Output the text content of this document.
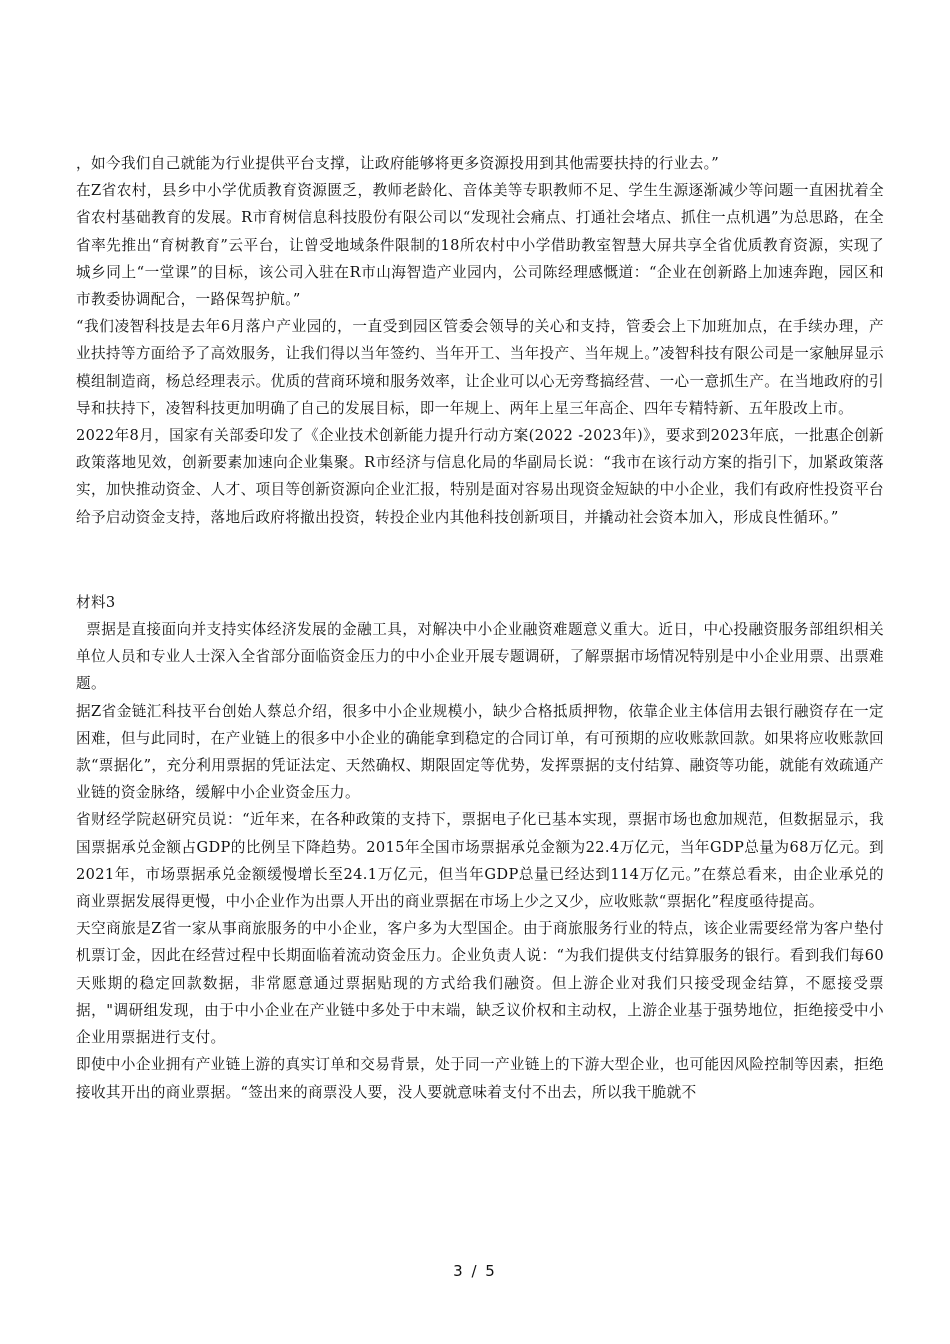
，如今我们自己就能为行业提供平台支撑，让政府能够将更多资源投用到其他需要扶持的行业去。”

在Z省农村，县乡中小学优质教育资源匮乏，教师老龄化、音体美等专职教师不足、学生生源逐渐减少等问题一直困扰着全省农村基础教育的发展。R市育树信息科技股份有限公司以“发现社会痛点、打通社会堵点、抓住一点机遇”为总思路，在全省率先推出“育树教育”云平台，让曾受地域条件限制的18所农村中小学借助教室智慧大屏共享全省优质教育资源，实现了城乡同上“一堂课”的目标，该公司入驻在R市山海智造产业园内，公司陈经理感慨道：“企业在创新路上加速奔跑，园区和市教委协调配合，一路保驾护航。”

“我们凌智科技是去年6月落户产业园的，一直受到园区管委会领导的关心和支持，管委会上下加班加点，在手续办理，产业扶持等方面给予了高效服务，让我们得以当年签约、当年开工、当年投产、当年规上。”凌智科技有限公司是一家触屏显示模组制造商，杨总经理表示。优质的营商环境和服务效率，让企业可以心无旁骛搞经营、一心一意抓生产。在当地政府的引导和扶持下，凌智科技更加明确了自己的发展目标，即一年规上、两年上星三年高企、四年专精特新、五年股改上市。

2022年8月，国家有关部委印发了《企业技术创新能力提升行动方案(2022 -2023年)》，要求到2023年底，一批惠企创新政策落地见效，创新要素加速向企业集聚。R市经济与信息化局的华副局长说：“我市在该行动方案的指引下，加紧政策落实，加快推动资金、人才、项目等创新资源向企业汇报，特别是面对容易出现资金短缺的中小企业，我们有政府性投资平台给予启动资金支持，落地后政府将撤出投资，转投企业内其他科技创新项目，并撬动社会资本加入，形成良性循环。”

材料3

票据是直接面向并支持实体经济发展的金融工具，对解决中小企业融资难题意义重大。近日，中心投融资服务部组织相关单位人员和专业人士深入全省部分面临资金压力的中小企业开展专题调研，了解票据市场情况特别是中小企业用票、出票难题。

据Z省金链汇科技平台创始人蔡总介绍，很多中小企业规模小，缺少合格抵质押物，依靠企业主体信用去银行融资存在一定困难，但与此同时，在产业链上的很多中小企业的确能拿到稳定的合同订单，有可预期的应收账款回款。如果将应收账款回款“票据化”，充分利用票据的凭证法定、天然确权、期限固定等优势，发挥票据的支付结算、融资等功能，就能有效疏通产业链的资金脉络，缓解中小企业资金压力。

省财经学院赵研究员说：“近年来，在各种政策的支持下，票据电子化已基本实现，票据市场也愈加规范，但数据显示，我国票据承兑金额占GDP的比例呈下降趋势。2015年全国市场票据承兑金额为22.4万亿元，当年GDP总量为68万亿元。到2021年，市场票据承兑金额缓慢增长至24.1万亿元，但当年GDP总量已经达到114万亿元。”在蔡总看来，由企业承兑的商业票据发展得更慢，中小企业作为出票人开出的商业票据在市场上少之又少，应收账款“票据化”程度亟待提高。

天空商旅是Z省一家从事商旅服务的中小企业，客户多为大型国企。由于商旅服务行业的特点，该企业需要经常为客户垫付机票订金，因此在经营过程中长期面临着流动资金压力。企业负责人说：“为我们提供支付结算服务的银行。看到我们每60天账期的稳定回款数据，非常愿意通过票据贴现的方式给我们融资。但上游企业对我们只接受现金结算，不愿接受票据，"调研组发现，由于中小企业在产业链中多处于中末端，缺乏议价权和主动权，上游企业基于强势地位，拒绝接受中小企业用票据进行支付。

即使中小企业拥有产业链上游的真实订单和交易背景，处于同一产业链上的下游大型企业，也可能因风险控制等因素，拒绝接收其开出的商业票据。“签出来的商票没人要，没人要就意味着支付不出去，所以我干脆就不

3 / 5
